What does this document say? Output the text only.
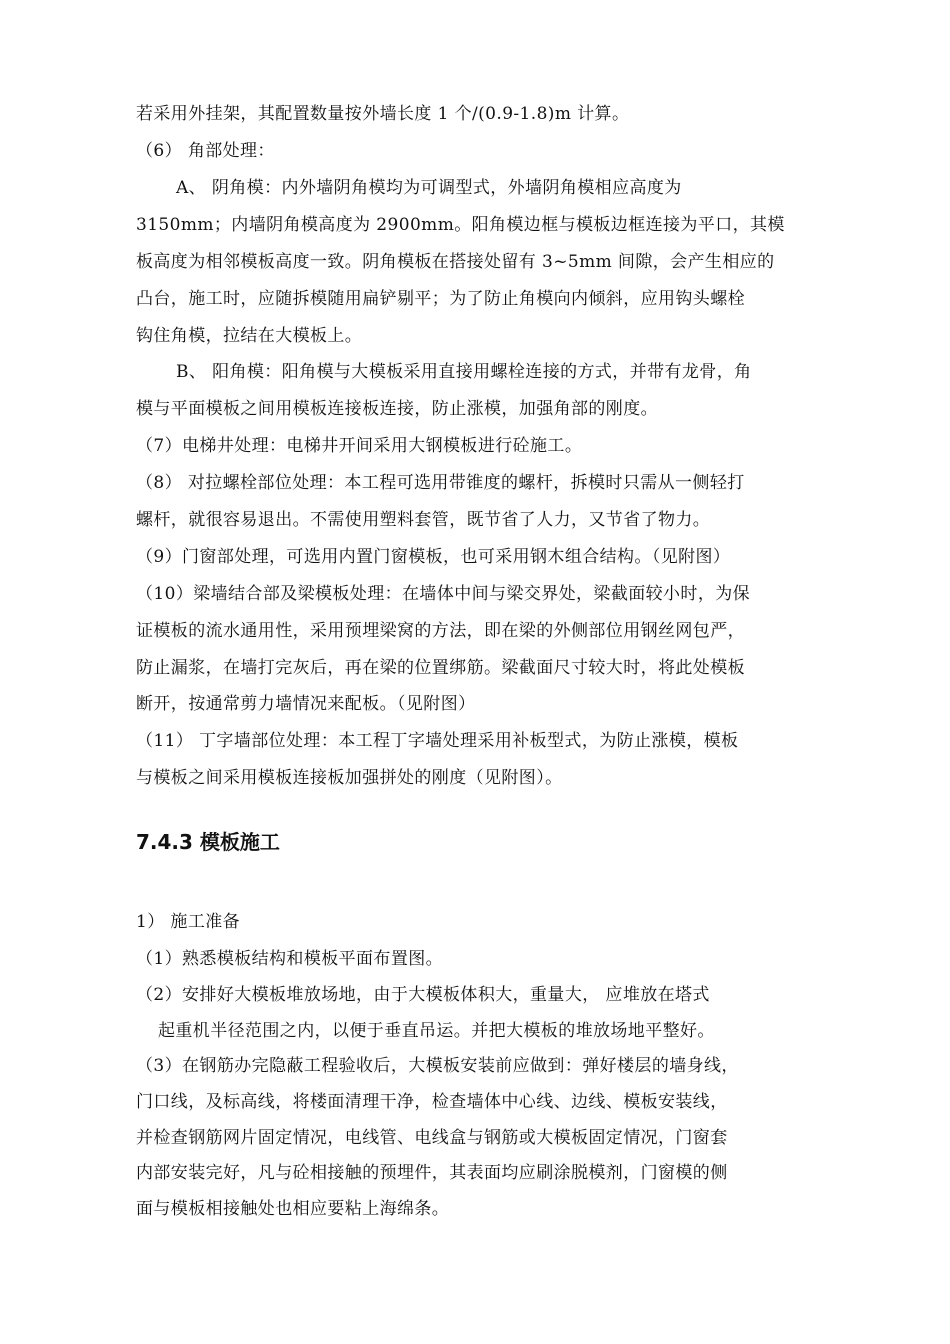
若采用外挂架，其配置数量按外墙长度 1 个/(0.9-1.8)m 计算。
（6） 角部处理：
A、 阴角模：内外墙阴角模均为可调型式，外墙阴角模相应高度为
3150mm；内墙阴角模高度为 2900mm。阳角模边框与模板边框连接为平口，其模
板高度为相邻模板高度一致。阴角模板在搭接处留有 3~5mm 间隙，会产生相应的
凸台，施工时，应随拆模随用扁铲剔平；为了防止角模向内倾斜，应用钩头螺栓
钩住角模，拉结在大模板上。
B、 阳角模：阳角模与大模板采用直接用螺栓连接的方式，并带有龙骨，角
模与平面模板之间用模板连接板连接，防止涨模，加强角部的刚度。
（7）电梯井处理：电梯井开间采用大钢模板进行砼施工。
（8） 对拉螺栓部位处理：本工程可选用带锥度的螺杆，拆模时只需从一侧轻打
螺杆，就很容易退出。不需使用塑料套管，既节省了人力，又节省了物力。
（9）门窗部处理，可选用内置门窗模板，也可采用钢木组合结构。（见附图）
（10）梁墙结合部及梁模板处理：在墙体中间与梁交界处，梁截面较小时，为保
证模板的流水通用性，采用预埋梁窝的方法，即在梁的外侧部位用钢丝网包严，
防止漏浆，在墙打完灰后，再在梁的位置绑筋。梁截面尺寸较大时，将此处模板
断开，按通常剪力墙情况来配板。（见附图）
（11） 丁字墙部位处理：本工程丁字墙处理采用补板型式，为防止涨模，模板
与模板之间采用模板连接板加强拼处的刚度（见附图）。
7.4.3 模板施工
1） 施工准备
（1）熟悉模板结构和模板平面布置图。
（2）安排好大模板堆放场地，由于大模板体积大，重量大， 应堆放在塔式
起重机半径范围之内，以便于垂直吊运。并把大模板的堆放场地平整好。
（3）在钢筋办完隐蔽工程验收后，大模板安装前应做到：弹好楼层的墙身线，
门口线，及标高线，将楼面清理干净，检查墙体中心线、边线、模板安装线，
并检查钢筋网片固定情况，电线管、电线盒与钢筋或大模板固定情况，门窗套
内部安装完好，凡与砼相接触的预埋件，其表面均应刷涂脱模剂，门窗模的侧
面与模板相接触处也相应要粘上海绵条。
